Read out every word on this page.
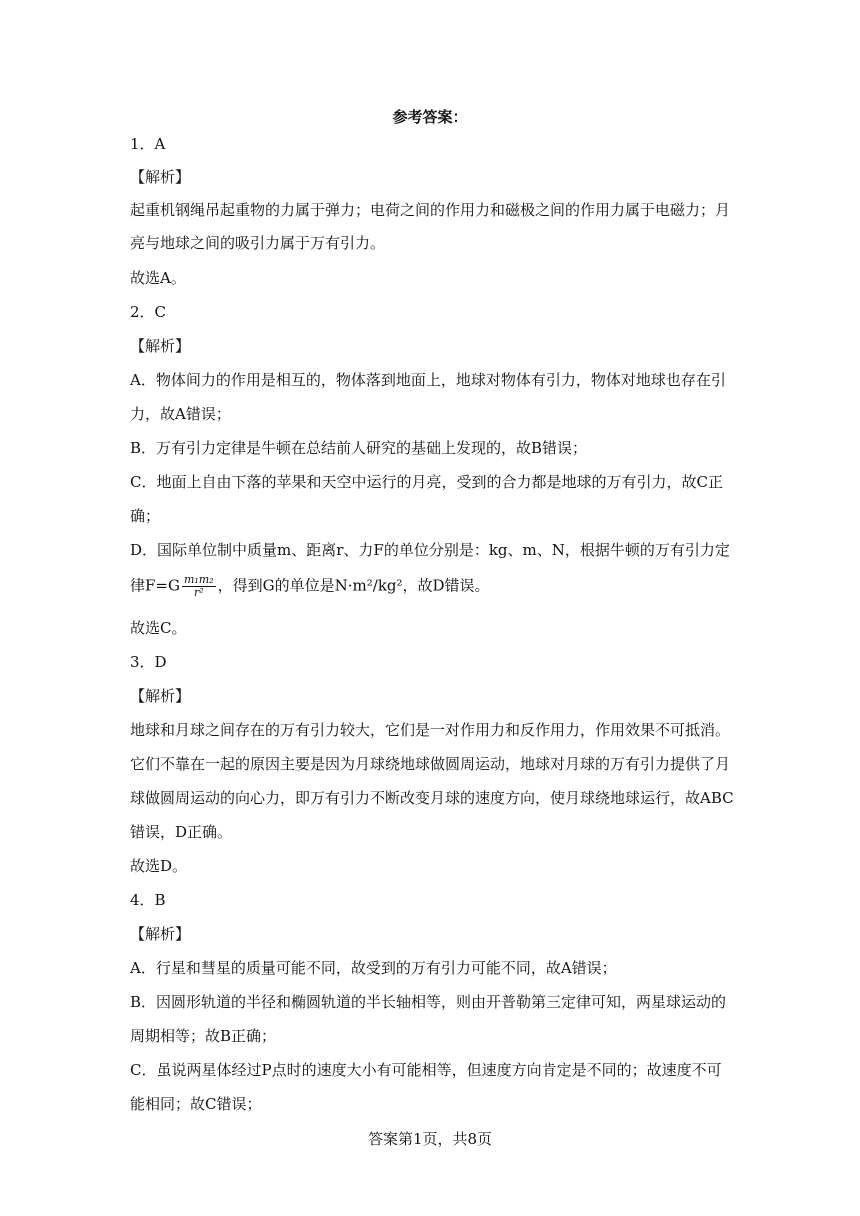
参考答案：
1．A
【解析】
起重机钢绳吊起重物的力属于弹力；电荷之间的作用力和磁极之间的作用力属于电磁力；月
亮与地球之间的吸引力属于万有引力。
故选A。
2．C
【解析】
A．物体间力的作用是相互的，物体落到地面上，地球对物体有引力，物体对地球也存在引
力，故A错误；
B．万有引力定律是牛顿在总结前人研究的基础上发现的，故B错误；
C．地面上自由下落的苹果和天空中运行的月亮，受到的合力都是地球的万有引力，故C正
确；
D．国际单位制中质量m、距离r、力F的单位分别是：kg、m、N，根据牛顿的万有引力定
律$F=G \frac{\text{m₁m₂}}{\text{r²}}$ ，得到G的单位是N·m²/kg²，故D错误。
故选C。
3．D
【解析】
地球和月球之间存在的万有引力较大，它们是一对作用力和反作用力，作用效果不可抵消。
它们不靠在一起的原因主要是因为月球绕地球做圆周运动，地球对月球的万有引力提供了月
球做圆周运动的向心力，即万有引力不断改变月球的速度方向，使月球绕地球运行，故ABC
错误，D正确。
故选D。
4．B
【解析】
A．行星和彗星的质量可能不同，故受到的万有引力可能不同，故A错误；
B．因圆形轨道的半径和椭圆轨道的半长轴相等，则由开普勒第三定律可知，两星球运动的
周期相等；故B正确；
C．虽说两星体经过P点时的速度大小有可能相等，但速度方向肯定是不同的；故速度不可
能相同；故C错误；
答案第1页，共8页
